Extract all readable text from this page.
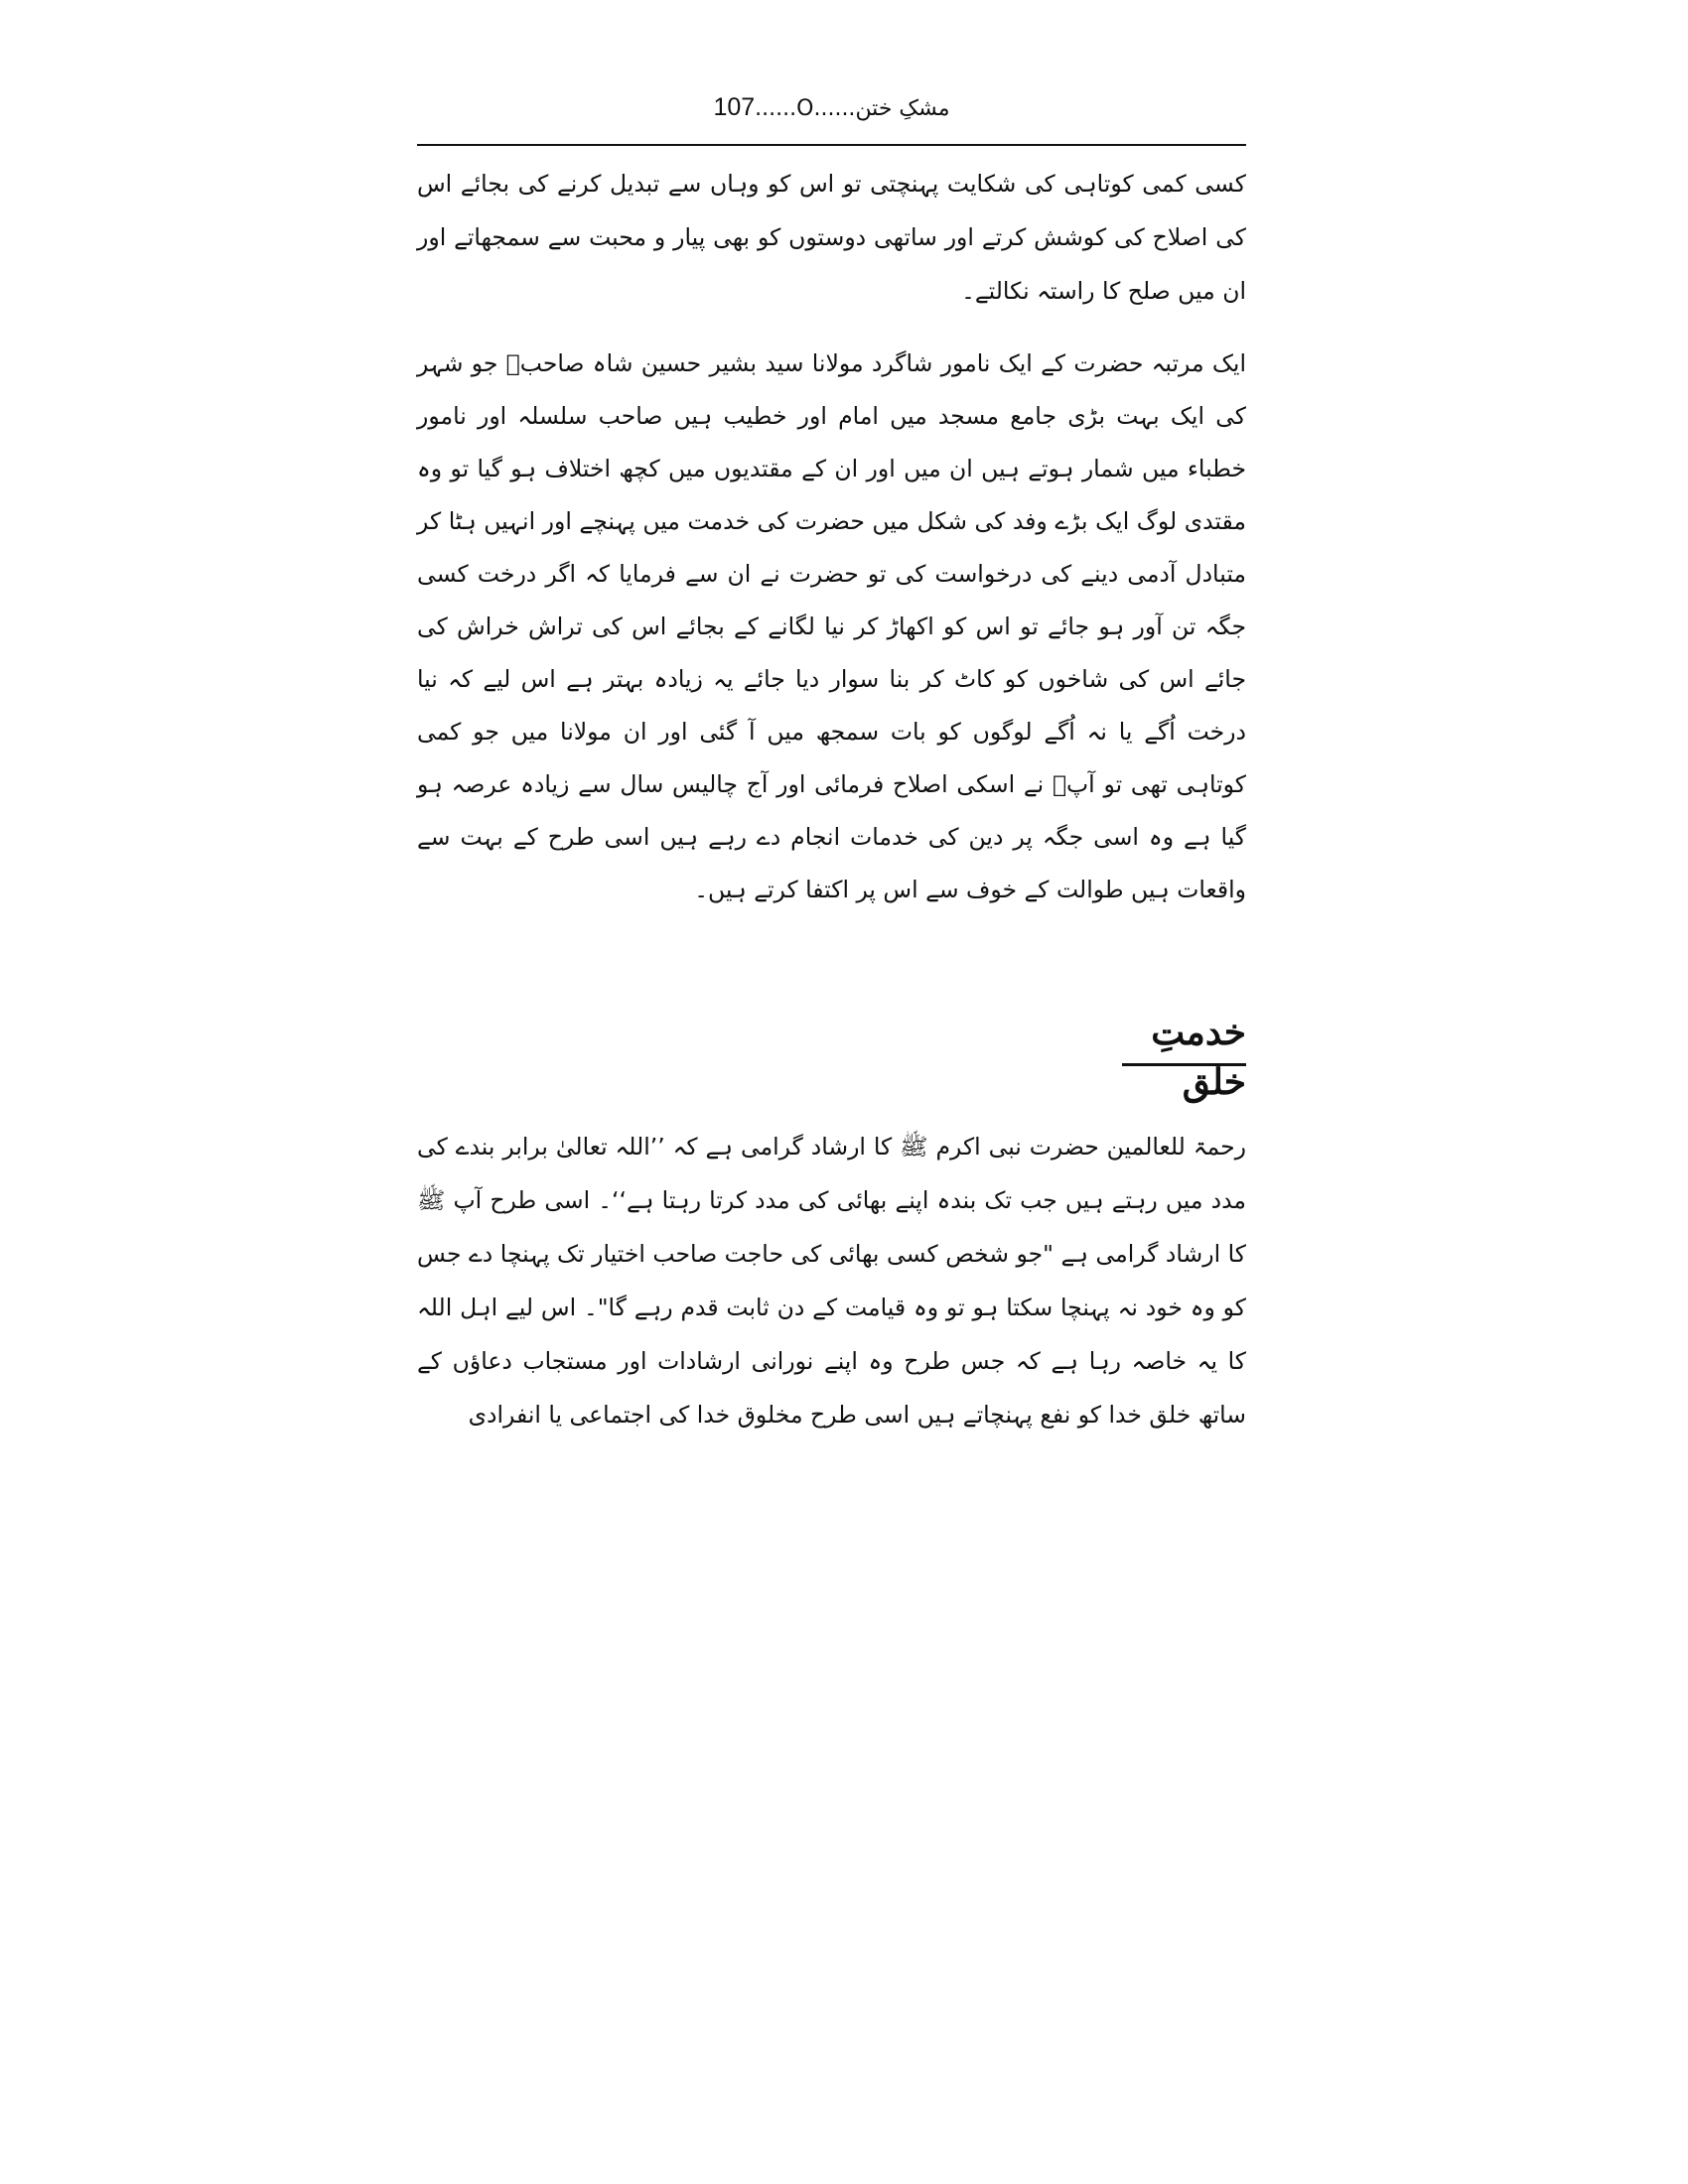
مشکِ ختن......O......107

کسی کمی کوتاہی کی شکایت پہنچتی تو اس کو وہاں سے تبدیل کرنے کی بجائے اس کی اصلاح کی کوشش کرتے اور ساتھی دوستوں کو بھی پیار و محبت سے سمجھاتے اور ان میں صلح کا راستہ نکالتے۔

ایک مرتبہ حضرت کے ایک نامور شاگرد مولانا سید بشیر حسین شاہ صاحبؒ جو شہر کی ایک بہت بڑی جامع مسجد میں امام اور خطیب ہیں صاحب سلسلہ اور نامور خطباء میں شمار ہوتے ہیں ان میں اور ان کے مقتدیوں میں کچھ اختلاف ہو گیا تو وہ مقتدی لوگ ایک بڑے وفد کی شکل میں حضرت کی خدمت میں پہنچے اور انہیں ہٹا کر متبادل آدمی دینے کی درخواست کی تو حضرت نے ان سے فرمایا کہ اگر درخت کسی جگہ تن آور ہو جائے تو اس کو اکھاڑ کر نیا لگانے کے بجائے اس کی تراش خراش کی جائے اس کی شاخوں کو کاٹ کر بنا سوار دیا جائے یہ زیادہ بہتر ہے اس لیے کہ نیا درخت اُگے یا نہ اُگے لوگوں کو بات سمجھ میں آ گئی اور ان مولانا میں جو کمی کوتاہی تھی تو آپؒ نے اسکی اصلاح فرمائی اور آج چالیس سال سے زیادہ عرصہ ہو گیا ہے وہ اسی جگہ پر دین کی خدمات انجام دے رہے ہیں اسی طرح کے بہت سے واقعات ہیں طوالت کے خوف سے اس پر اکتفا کرتے ہیں۔

خدمتِ خلق

رحمۃ للعالمین حضرت نبی اکرم ﷺ کا ارشاد گرامی ہے کہ ’’اللہ تعالیٰ برابر بندے کی مدد میں رہتے ہیں جب تک بندہ اپنے بھائی کی مدد کرتا رہتا ہے‘‘۔ اسی طرح آپ ﷺ کا ارشاد گرامی ہے "جو شخص کسی بھائی کی حاجت صاحب اختیار تک پہنچا دے جس کو وہ خود نہ پہنچا سکتا ہو تو وہ قیامت کے دن ثابت قدم رہے گا"۔ اس لیے اہل اللہ کا یہ خاصہ رہا ہے کہ جس طرح وہ اپنے نورانی ارشادات اور مستجاب دعاؤں کے ساتھ خلق خدا کو نفع پہنچاتے ہیں اسی طرح مخلوق خدا کی اجتماعی یا انفرادی
